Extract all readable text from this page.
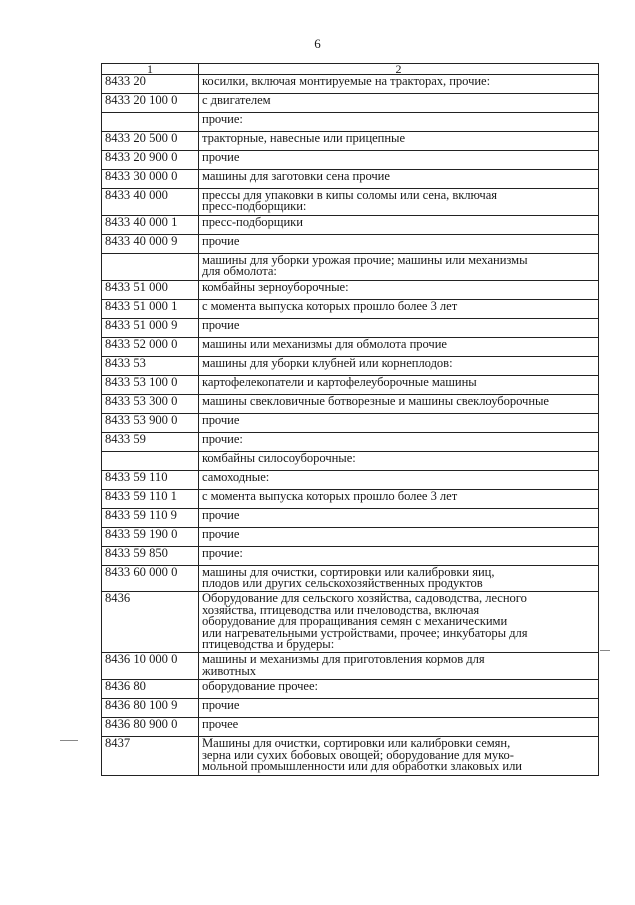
6
1	2
8433 20	косилки, включая монтируемые на тракторах, прочие:

8433 20 100 0	с двигателем

	прочие:

8433 20 500 0	тракторные, навесные или прицепные

8433 20 900 0	прочие

8433 30 000 0	машины для заготовки сена прочие

8433 40 000	прессы для упаковки в кипы соломы или сена, включая
пресс-подборщики:

8433 40 000 1	пресс-подборщики

8433 40 000 9	прочие

	машины для уборки урожая прочие; машины или механизмы
для обмолота:

8433 51 000	комбайны зерноуборочные:

8433 51 000 1	с момента выпуска которых прошло более 3 лет

8433 51 000 9	прочие

8433 52 000 0	машины или механизмы для обмолота прочие

8433 53	машины для уборки клубней или корнеплодов:

8433 53 100 0	картофелекопатели и картофелеуборочные машины

8433 53 300 0	машины свекловичные ботворезные и машины свеклоуборочные

8433 53 900 0	прочие

8433 59	прочие:

	комбайны силосоуборочные:

8433 59 110	самоходные:

8433 59 110 1	с момента выпуска которых прошло более 3 лет

8433 59 110 9	прочие

8433 59 190 0	прочие

8433 59 850	прочие:

8433 60 000 0	машины для очистки, сортировки или калибровки яиц,
плодов или других сельскохозяйственных продуктов

8436	Оборудование для сельского хозяйства, садоводства, лесного
хозяйства, птицеводства или пчеловодства, включая
оборудование для проращивания семян с механическими
или нагревательными устройствами, прочее; инкубаторы для
птицеводства и брудеры:

8436 10 000 0	машины и механизмы для приготовления кормов для
животных

8436 80	оборудование прочее:

8436 80 100 9	прочие

8436 80 900 0	прочее

8437	Машины для очистки, сортировки или калибровки семян,
зерна или сухих бобовых овощей; оборудование для муко-
мольной промышленности или для обработки злаковых или
